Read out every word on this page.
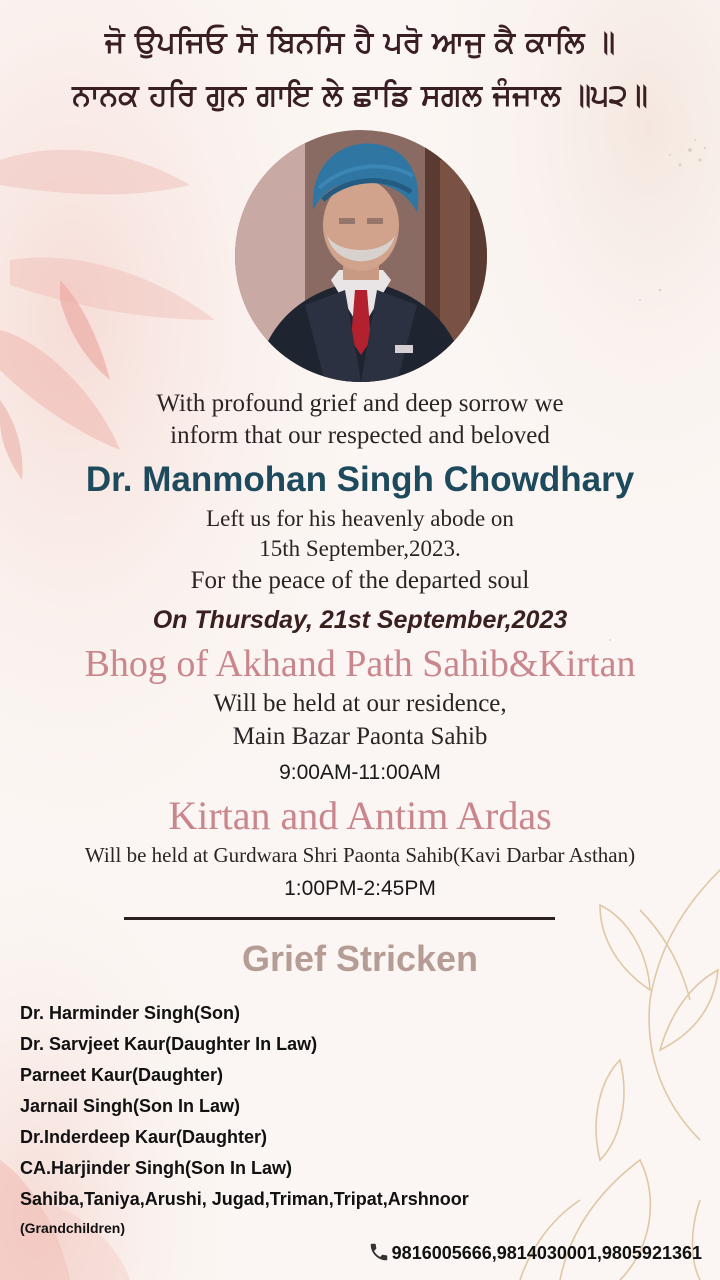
ਜੋ ਉਪਜਿਓ ਸੋ ਬਿਨਸਿ ਹੈ ਪਰੋ ਆਜੁ ਕੈ ਕਾਲਿ ॥
ਨਾਨਕ ਹਰਿ ਗੁਨ ਗਾਇ ਲੇ ਛਾਡਿ ਸਗਲ ਜੰਜਾਲ ॥੫੨॥
With profound grief and deep sorrow we
inform that our respected and beloved
Dr. Manmohan Singh Chowdhary
Left us for his heavenly abode on
15th September,2023.
For the peace of the departed soul
On Thursday, 21st September,2023
Bhog of Akhand Path Sahib&Kirtan
Will be held at our residence,
Main Bazar Paonta Sahib
9:00AM-11:00AM
Kirtan and Antim Ardas
Will be held at Gurdwara Shri Paonta Sahib(Kavi Darbar Asthan)
1:00PM-2:45PM
Grief Stricken
Dr. Harminder Singh(Son)
Dr. Sarvjeet Kaur(Daughter In Law)
Parneet Kaur(Daughter)
Jarnail Singh(Son In Law)
Dr.Inderdeep Kaur(Daughter)
CA.Harjinder Singh(Son In Law)
Sahiba,Taniya,Arushi, Jugad,Triman,Tripat,Arshnoor
(Grandchildren)
9816005666,9814030001,9805921361
